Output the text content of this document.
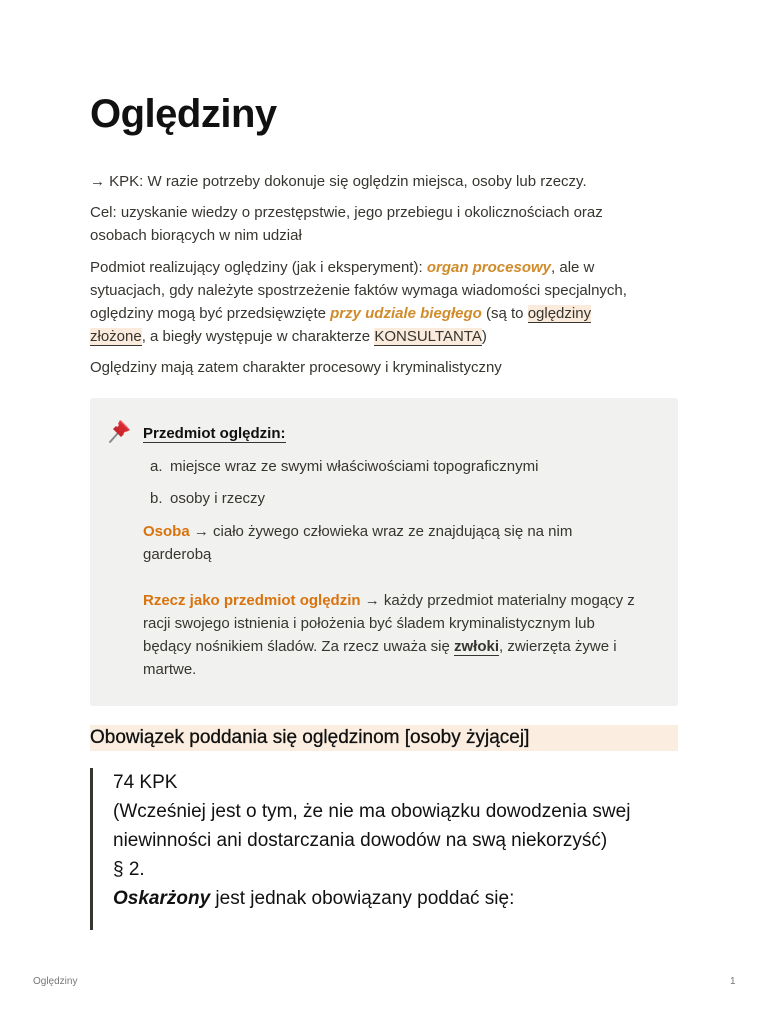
Oględziny

→ KPK: W razie potrzeby dokonuje się oględzin miejsca, osoby lub rzeczy.

Cel: uzyskanie wiedzy o przestępstwie, jego przebiegu i okolicznościach oraz
osobach biorących w nim udział

Podmiot realizujący oględziny (jak i eksperyment): organ procesowy, ale w
sytuacjach, gdy należyte spostrzeżenie faktów wymaga wiadomości specjalnych,
oględziny mogą być przedsięwzięte przy udziale biegłego (są to oględziny
złożone, a biegły występuje w charakterze KONSULTANTA)

Oględziny mają zatem charakter procesowy i kryminalistyczny

Przedmiot oględzin:

a. miejsce wraz ze swymi właściwościami topograficznymi

b. osoby i rzeczy

Osoba → ciało żywego człowieka wraz ze znajdującą się na nim
garderobą

Rzecz jako przedmiot oględzin → każdy przedmiot materialny mogący z
racji swojego istnienia i położenia być śladem kryminalistycznym lub
będący nośnikiem śladów. Za rzecz uważa się zwłoki, zwierzęta żywe i
martwe.

Obowiązek poddania się oględzinom [osoby żyjącej]

74 KPK

(Wcześniej jest o tym, że nie ma obowiązku dowodzenia swej

niewinności ani dostarczania dowodów na swą niekorzyść)

§ 2.

Oskarżony jest jednak obowiązany poddać się:

Oględziny	1
